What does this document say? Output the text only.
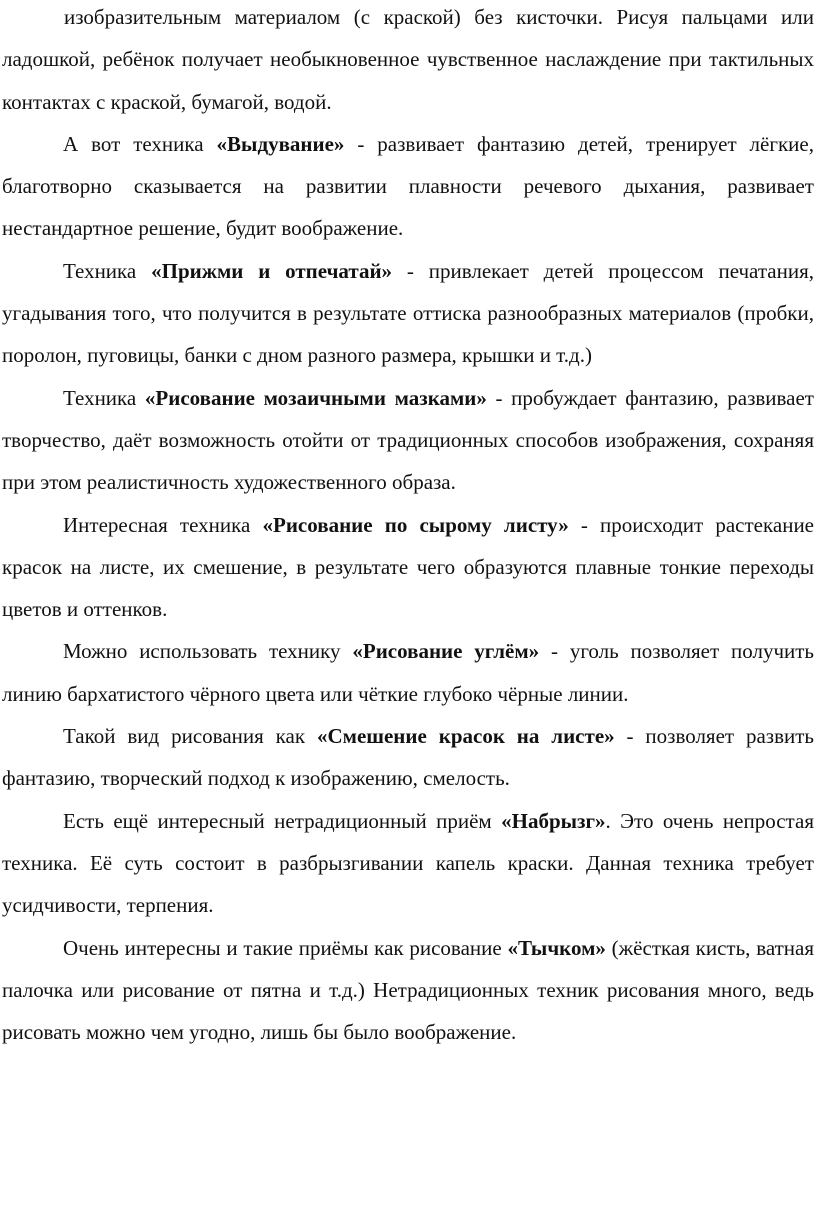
изобразительным материалом (с краской) без кисточки. Рисуя пальцами или ладошкой, ребёнок получает необыкновенное чувственное наслаждение при тактильных контактах с краской, бумагой, водой.

А вот техника «Выдувание» - развивает фантазию детей, тренирует лёгкие, благотворно сказывается на развитии плавности речевого дыхания, развивает нестандартное решение, будит воображение.

Техника «Прижми и отпечатай» - привлекает детей процессом печатания, угадывания того, что получится в результате оттиска разнообразных материалов (пробки, поролон, пуговицы, банки с дном разного размера, крышки и т.д.)

Техника «Рисование мозаичными мазками» - пробуждает фантазию, развивает творчество, даёт возможность отойти от традиционных способов изображения, сохраняя при этом реалистичность художественного образа.

Интересная техника «Рисование по сырому листу» - происходит растекание красок на листе, их смешение, в результате чего образуются плавные тонкие переходы цветов и оттенков.

Можно использовать технику «Рисование углём» - уголь позволяет получить линию бархатистого чёрного цвета или чёткие глубоко чёрные линии.

Такой вид рисования как «Смешение красок на листе» - позволяет развить фантазию, творческий подход к изображению, смелость.

Есть ещё интересный нетрадиционный приём «Набрызг». Это очень непростая техника. Её суть состоит в разбрызгивании капель краски. Данная техника требует усидчивости, терпения.

Очень интересны и такие приёмы как рисование «Тычком» (жёсткая кисть, ватная палочка или рисование от пятна и т.д.) Нетрадиционных техник рисования много, ведь рисовать можно чем угодно, лишь бы было воображение.
